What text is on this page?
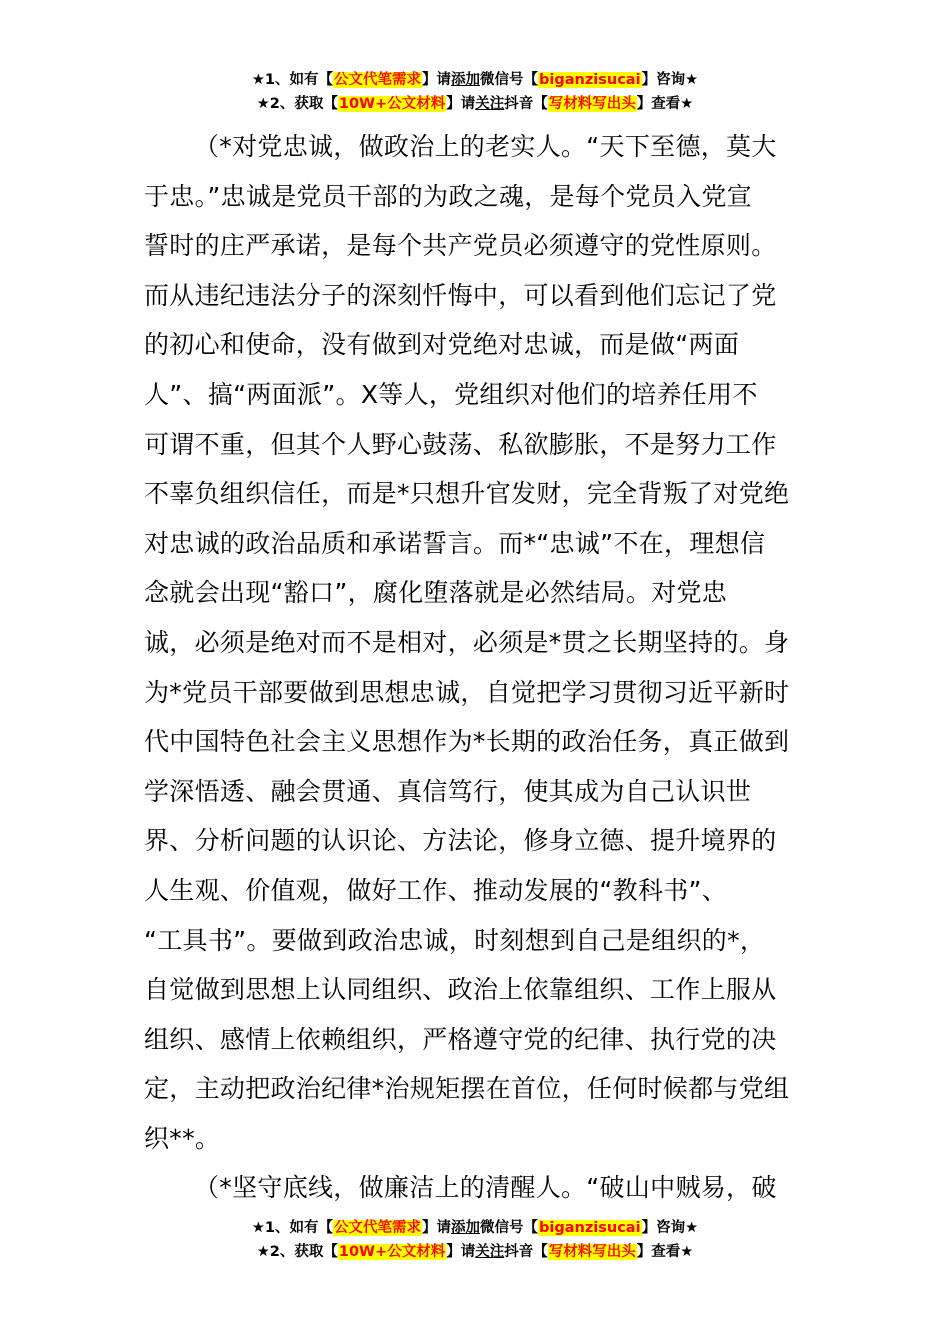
★1、如有【公文代笔需求】请添加微信号【biganzisucai】咨询★
★2、获取【10W+公文材料】请关注抖音【写材料写出头】查看★
（*对党忠诚，做政治上的老实人。“天下至德，莫大
于忠。”忠诚是党员干部的为政之魂，是每个党员入党宣
誓时的庄严承诺，是每个共产党员必须遵守的党性原则。
而从违纪违法分子的深刻忏悔中，可以看到他们忘记了党
的初心和使命，没有做到对党绝对忠诚，而是做“两面
人”、搞“两面派”。X等人，党组织对他们的培养任用不
可谓不重，但其个人野心鼓荡、私欲膨胀，不是努力工作
不辜负组织信任，而是*只想升官发财，完全背叛了对党绝
对忠诚的政治品质和承诺誓言。而*“忠诚”不在，理想信
念就会出现“豁口”，腐化堕落就是必然结局。对党忠
诚，必须是绝对而不是相对，必须是*贯之长期坚持的。身
为*党员干部要做到思想忠诚，自觉把学习贯彻习近平新时
代中国特色社会主义思想作为*长期的政治任务，真正做到
学深悟透、融会贯通、真信笃行，使其成为自己认识世
界、分析问题的认识论、方法论，修身立德、提升境界的
人生观、价值观，做好工作、推动发展的“教科书”、
“工具书”。要做到政治忠诚，时刻想到自己是组织的*，
自觉做到思想上认同组织、政治上依靠组织、工作上服从
组织、感情上依赖组织，严格遵守党的纪律、执行党的决
定，主动把政治纪律*治规矩摆在首位，任何时候都与党组
织**。
（*坚守底线，做廉洁上的清醒人。“破山中贼易，破
★1、如有【公文代笔需求】请添加微信号【biganzisucai】咨询★
★2、获取【10W+公文材料】请关注抖音【写材料写出头】查看★
